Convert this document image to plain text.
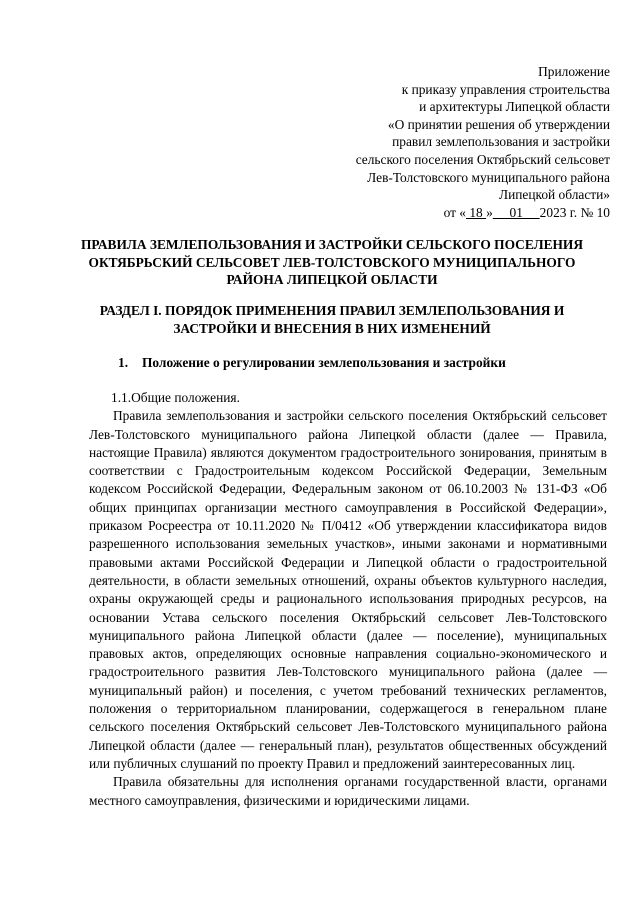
Приложение
к приказу управления строительства
и архитектуры Липецкой области
«О принятии решения об утверждении
правил землепользования и застройки
сельского поселения Октябрьский сельсовет
Лев-Толстовского муниципального района
Липецкой области»
от « 18 »     01     2023 г. № 10
ПРАВИЛА ЗЕМЛЕПОЛЬЗОВАНИЯ И ЗАСТРОЙКИ СЕЛЬСКОГО ПОСЕЛЕНИЯ ОКТЯБРЬСКИЙ СЕЛЬСОВЕТ ЛЕВ-ТОЛСТОВСКОГО МУНИЦИПАЛЬНОГО РАЙОНА ЛИПЕЦКОЙ ОБЛАСТИ
РАЗДЕЛ I. ПОРЯДОК ПРИМЕНЕНИЯ ПРАВИЛ ЗЕМЛЕПОЛЬЗОВАНИЯ И ЗАСТРОЙКИ И ВНЕСЕНИЯ В НИХ ИЗМЕНЕНИЙ
1. Положение о регулировании землепользования и застройки

1.1.Общие положения.

Правила землепользования и застройки сельского поселения Октябрьский сельсовет Лев-Толстовского муниципального района Липецкой области (далее — Правила, настоящие Правила) являются документом градостроительного зонирования, принятым в соответствии с Градостроительным кодексом Российской Федерации, Земельным кодексом Российской Федерации, Федеральным законом от 06.10.2003 № 131-ФЗ «Об общих принципах организации местного самоуправления в Российской Федерации», приказом Росреестра от 10.11.2020 № П/0412 «Об утверждении классификатора видов разрешенного использования земельных участков», иными законами и нормативными правовыми актами Российской Федерации и Липецкой области о градостроительной деятельности, в области земельных отношений, охраны объектов культурного наследия, охраны окружающей среды и рационального использования природных ресурсов, на основании Устава сельского поселения Октябрьский сельсовет Лев-Толстовского муниципального района Липецкой области (далее — поселение), муниципальных правовых актов, определяющих основные направления социально-экономического и градостроительного развития Лев-Толстовского муниципального района (далее — муниципальный район) и поселения, с учетом требований технических регламентов, положения о территориальном планировании, содержащегося в генеральном плане сельского поселения Октябрьский сельсовет Лев-Толстовского муниципального района Липецкой области (далее — генеральный план), результатов общественных обсуждений или публичных слушаний по проекту Правил и предложений заинтересованных лиц.

Правила обязательны для исполнения органами государственной власти, органами местного самоуправления, физическими и юридическими лицами.
